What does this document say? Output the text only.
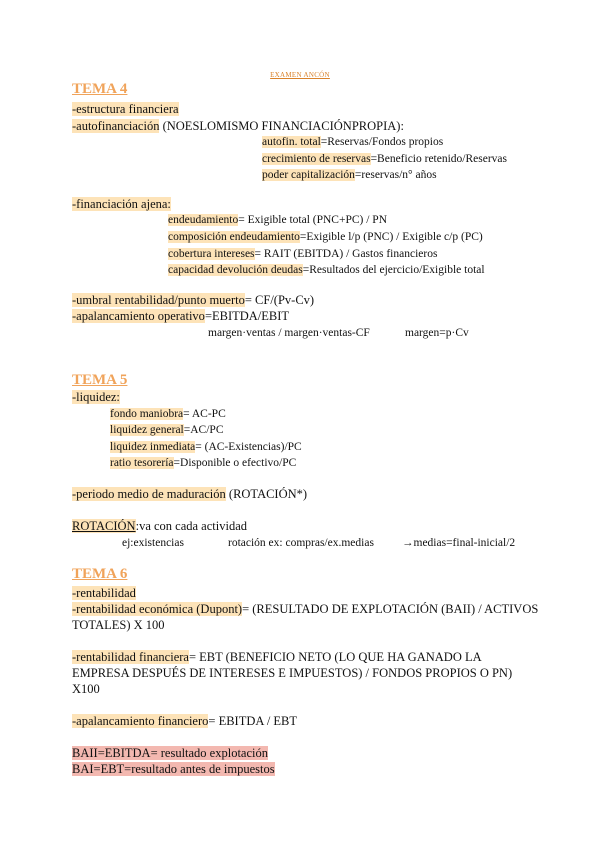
EXAMEN ANCÓN
TEMA 4
-estructura financiera
-autofinanciación (NOESLOMISMO FINANCIACIÓNPROPIA):
autofin. total=Reservas/Fondos propios
crecimiento de reservas=Beneficio retenido/Reservas
poder capitalización=reservas/n° años
-financiación ajena:
endeudamiento= Exigible total (PNC+PC) / PN
composición endeudamiento=Exigible l/p (PNC) / Exigible c/p (PC)
cobertura intereses= RAIT (EBITDA) / Gastos financieros
capacidad devolución deudas=Resultados del ejercicio/Exigible total
-umbral rentabilidad/punto muerto= CF/(Pv-Cv)
-apalancamiento operativo=EBITDA/EBIT
margen·ventas / margen·ventas-CF	margen=p·Cv
TEMA 5
-liquidez:
fondo maniobra= AC-PC
liquidez general=AC/PC
liquidez inmediata= (AC-Existencias)/PC
ratio tesorería=Disponible o efectivo/PC
-periodo medio de maduración (ROTACIÓN*)
ROTACIÓN:va con cada actividad
ej:existencias	rotación ex: compras/ex.medias →medias=final-inicial/2
TEMA 6
-rentabilidad
-rentabilidad económica (Dupont)= (RESULTADO DE EXPLOTACIÓN (BAII) / ACTIVOS
TOTALES) X 100
-rentabilidad financiera= EBT (BENEFICIO NETO (LO QUE HA GANADO LA
EMPRESA DESPUÉS DE INTERESES E IMPUESTOS) / FONDOS PROPIOS O PN)
X100
-apalancamiento financiero= EBITDA / EBT
BAII=EBITDA= resultado explotación
BAI=EBT=resultado antes de impuestos
